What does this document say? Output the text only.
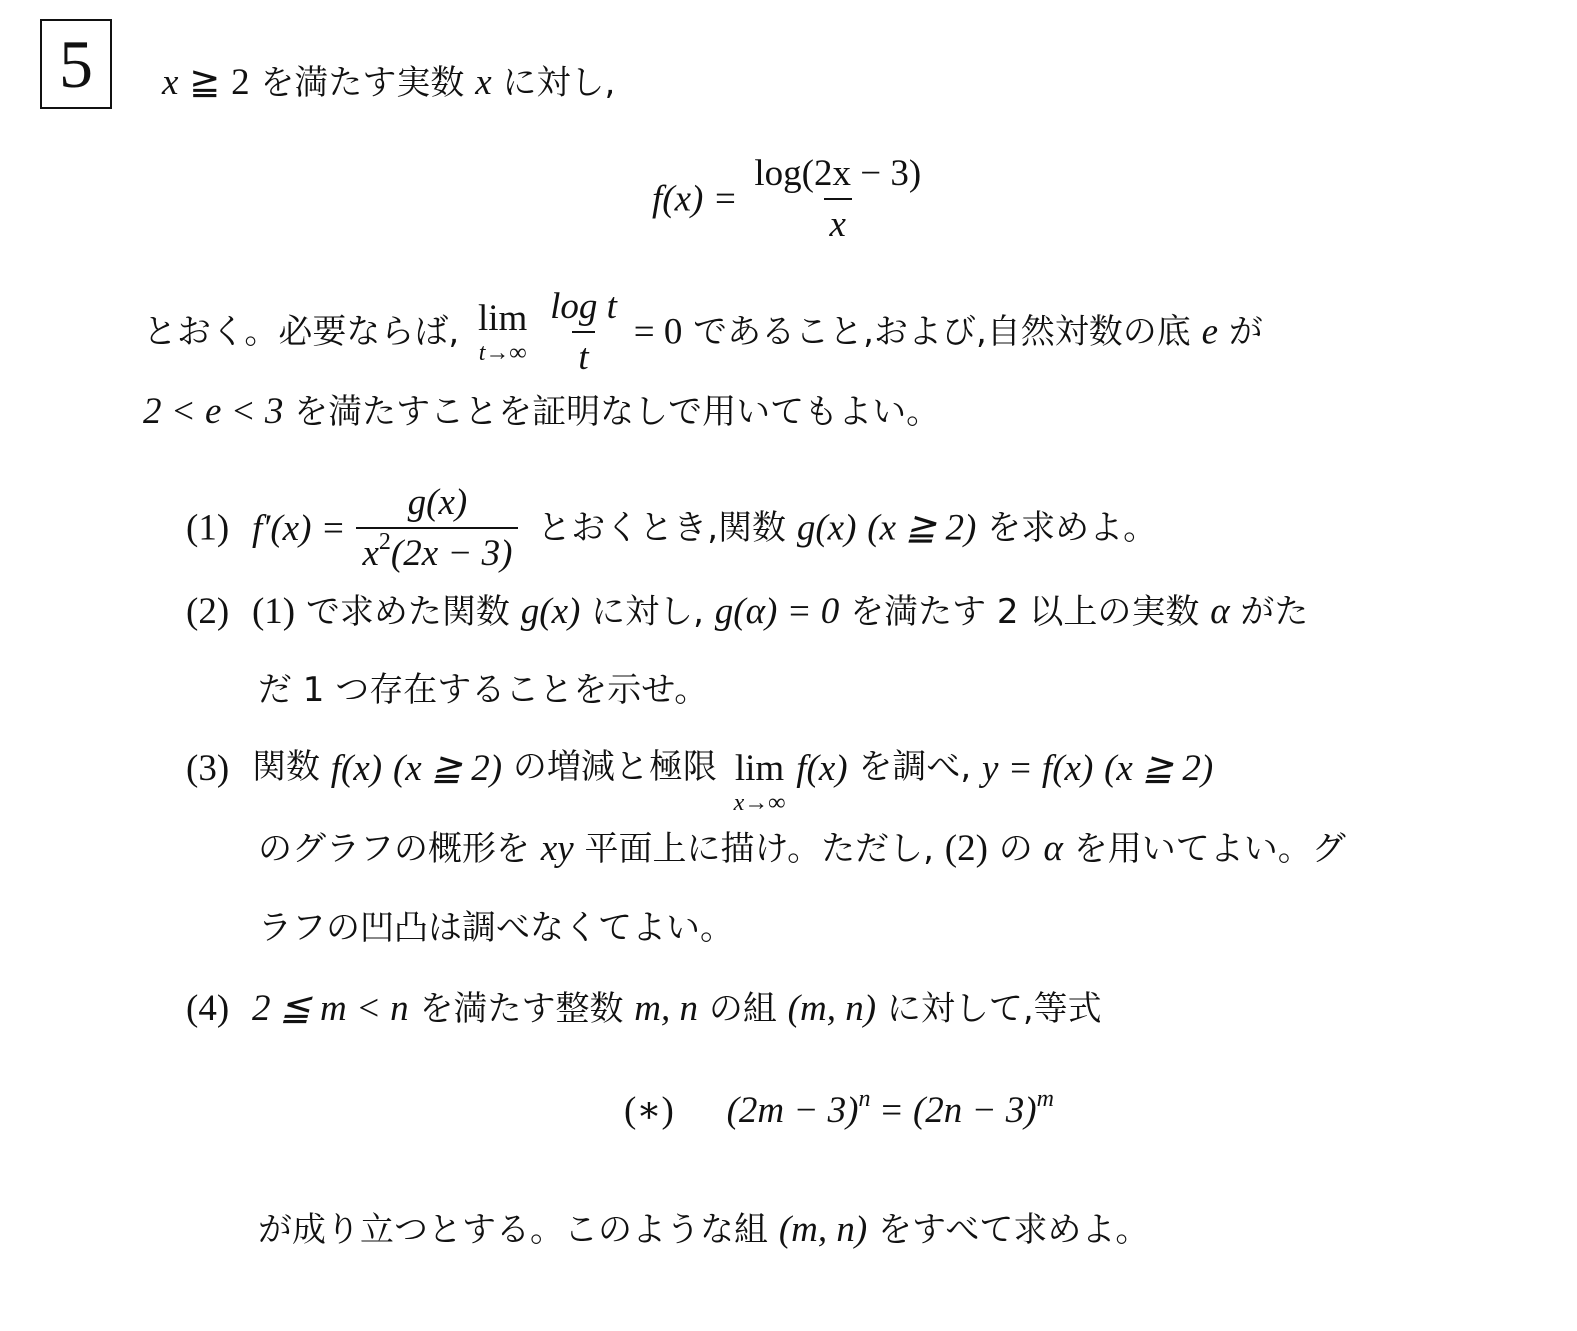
5	x ≧ 2 を満たす実数 x に対し,
$f(x) = \frac{\log(2x - 3)}{x}$
とおく。必要ならば, lim
t→∞
$\frac{\text{log t}}{t} = 0$ であること,および,自然対数の底 e が
2 < e < 3 を満たすことを証明なしで用いてもよい。
(1) $f'(x) = \frac{g(x)}{x^2(2x - 3)}$ とおくとき,関数 g(x) (x ≧ 2) を求めよ。
(2) (1) で求めた関数 g(x) に対し, g(α) = 0 を満たす 2 以上の実数 α がた
だ 1 つ存在することを示せ。
(3) 関数 f(x) (x ≧ 2) の増減と極限 lim
x→∞
f(x) を調べ, y = f(x) (x ≧ 2)
のグラフの概形を xy 平面上に描け。ただし, (2) の α を用いてよい。グ
ラフの凹凸は調べなくてよい。
(4) 2 ≦ m < n を満たす整数 m, n の組 (m, n) に対して,等式
(∗) $(2m - 3)^n = (2n - 3)^m$
が成り立つとする。このような組 (m, n) をすべて求めよ。
